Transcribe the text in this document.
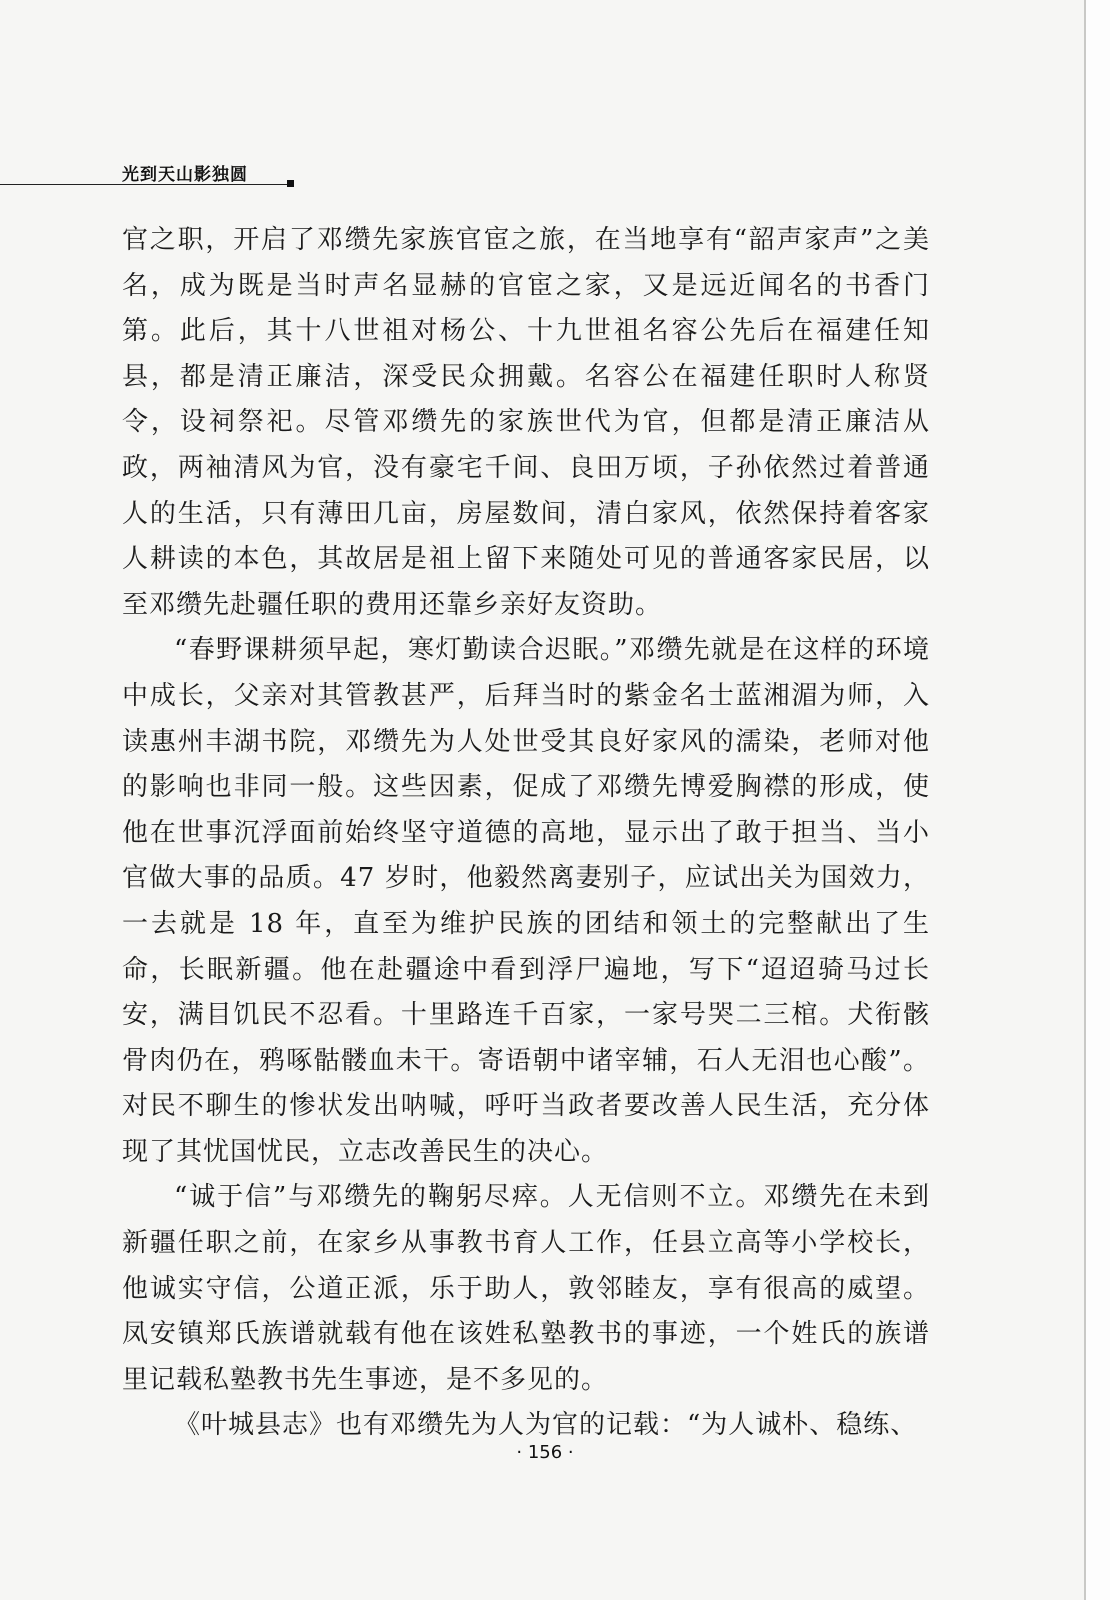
光到天山影独圆

官之职，开启了邓缵先家族官宦之旅，在当地享有“韶声家声”之美名，成为既是当时声名显赫的官宦之家，又是远近闻名的书香门第。此后，其十八世祖对杨公、十九世祖名容公先后在福建任知县，都是清正廉洁，深受民众拥戴。名容公在福建任职时人称贤令，设祠祭祀。尽管邓缵先的家族世代为官，但都是清正廉洁从政，两袖清风为官，没有豪宅千间、良田万顷，子孙依然过着普通人的生活，只有薄田几亩，房屋数间，清白家风，依然保持着客家人耕读的本色，其故居是祖上留下来随处可见的普通客家民居，以至邓缵先赴疆任职的费用还靠乡亲好友资助。

“春野课耕须早起，寒灯勤读合迟眠。”邓缵先就是在这样的环境中成长，父亲对其管教甚严，后拜当时的紫金名士蓝湘湄为师，入读惠州丰湖书院，邓缵先为人处世受其良好家风的濡染，老师对他的影响也非同一般。这些因素，促成了邓缵先博爱胸襟的形成，使他在世事沉浮面前始终坚守道德的高地，显示出了敢于担当、当小官做大事的品质。47 岁时，他毅然离妻别子，应试出关为国效力，一去就是 18 年，直至为维护民族的团结和领土的完整献出了生命，长眠新疆。他在赴疆途中看到浮尸遍地，写下“迢迢骑马过长安，满目饥民不忍看。十里路连千百家，一家号哭二三棺。犬衔骸骨肉仍在，鸦啄骷髅血未干。寄语朝中诸宰辅，石人无泪也心酸”。对民不聊生的惨状发出呐喊，呼吁当政者要改善人民生活，充分体现了其忧国忧民，立志改善民生的决心。

“诚于信”与邓缵先的鞠躬尽瘁。人无信则不立。邓缵先在未到新疆任职之前，在家乡从事教书育人工作，任县立高等小学校长，他诚实守信，公道正派，乐于助人，敦邻睦友，享有很高的威望。凤安镇郑氏族谱就载有他在该姓私塾教书的事迹，一个姓氏的族谱里记载私塾教书先生事迹，是不多见的。

《叶城县志》也有邓缵先为人为官的记载：“为人诚朴、稳练、

· 156 ·
